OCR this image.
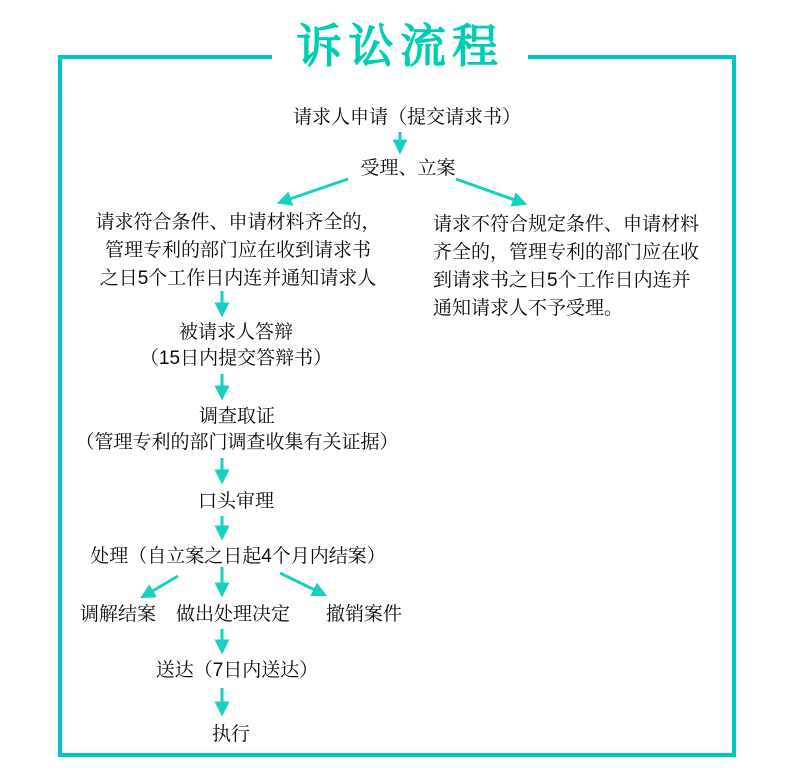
诉讼流程
请求人申请（提交请求书）
受理、立案
请求符合条件、申请材料齐全的，
管理专利的部门应在收到请求书
之日5个工作日内连并通知请求人
请求不符合规定条件、申请材料
齐全的，管理专利的部门应在收
到请求书之日5个工作日内连并
通知请求人不予受理。
被请求人答辩
（15日内提交答辩书）
调查取证
（管理专利的部门调查收集有关证据）
口头审理
处理（自立案之日起4个月内结案）
调解结案 做出处理决定 撤销案件
送达（7日内送达）
执行
